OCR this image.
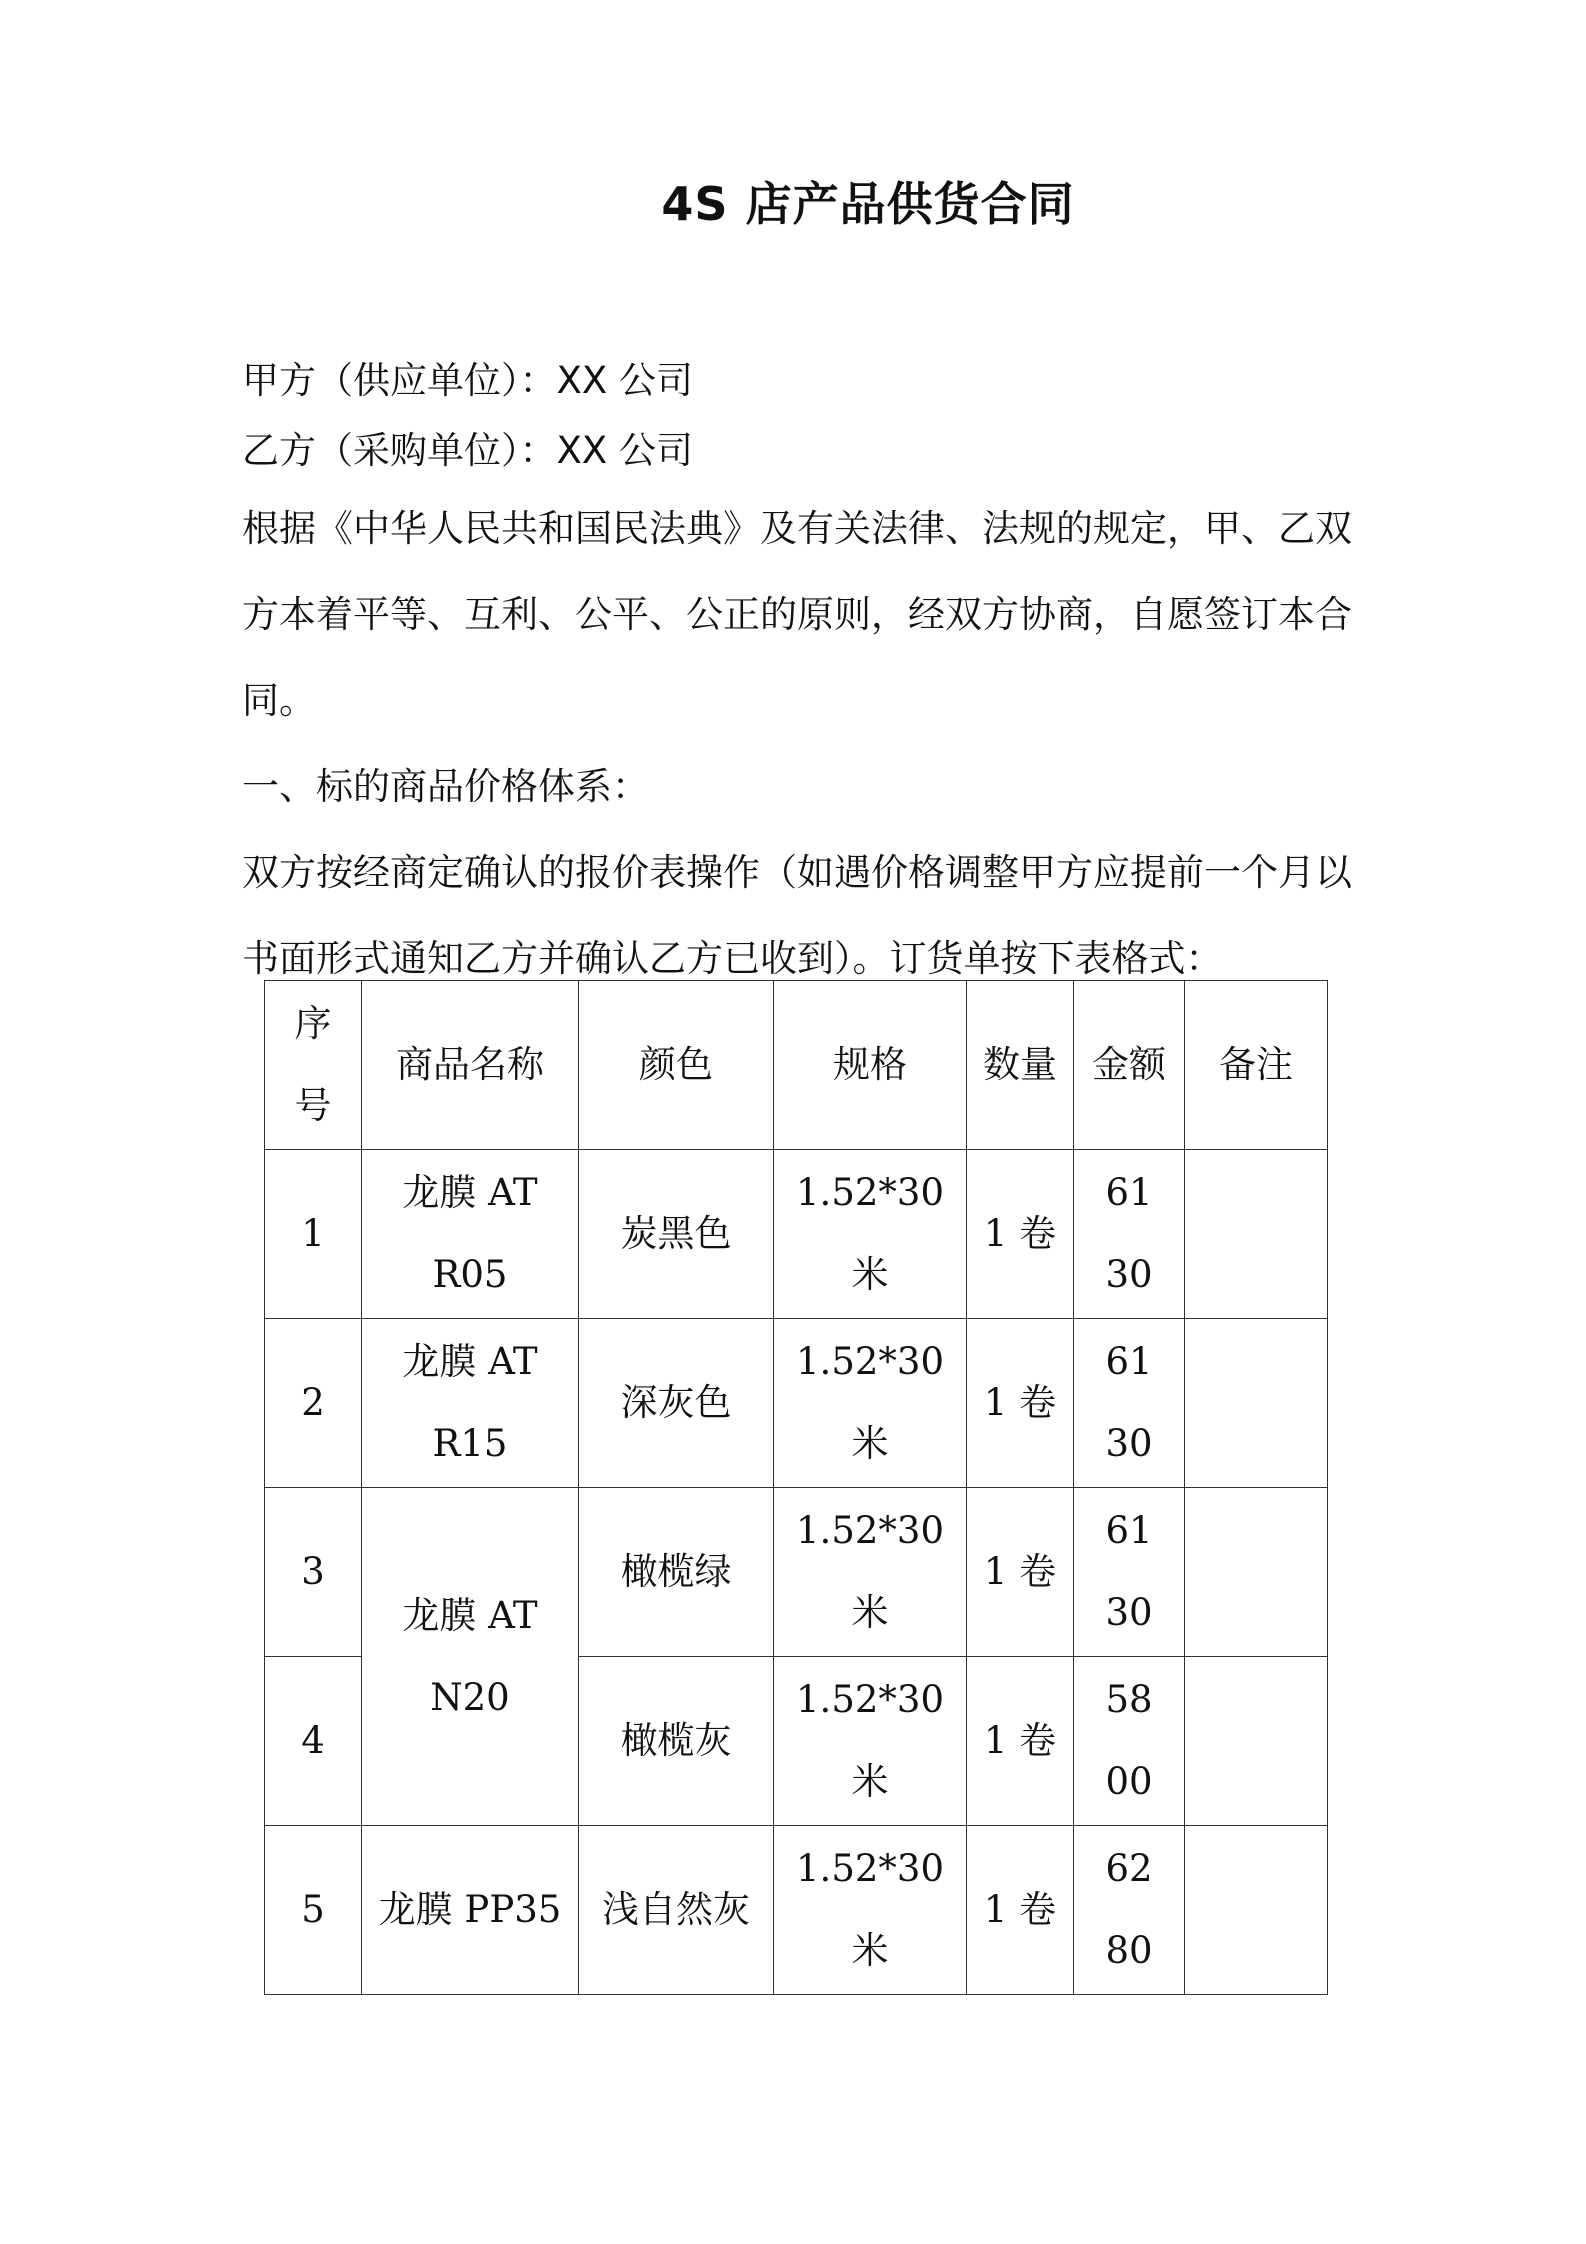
4S 店产品供货合同
甲方（供应单位）：XX 公司
乙方（采购单位）：XX 公司
根据《中华人民共和国民法典》及有关法律、法规的规定，甲、乙双
方本着平等、互利、公平、公正的原则，经双方协商，自愿签订本合
同。
一、标的商品价格体系：
双方按经商定确认的报价表操作（如遇价格调整甲方应提前一个月以
书面形式通知乙方并确认乙方已收到）。订货单按下表格式：
序号	商品名称	颜色	规格	数量	金额	备注
1	龙膜 ATR05	炭黑色	1.52*30米	1 卷	6130	
2	龙膜 ATR15	深灰色	1.52*30米	1 卷	6130	
3	龙膜 ATN20	橄榄绿	1.52*30米	1 卷	6130	
4		橄榄灰	1.52*30米	1 卷	5800	
5	龙膜 PP35	浅自然灰	1.52*30米	1 卷	6280	
